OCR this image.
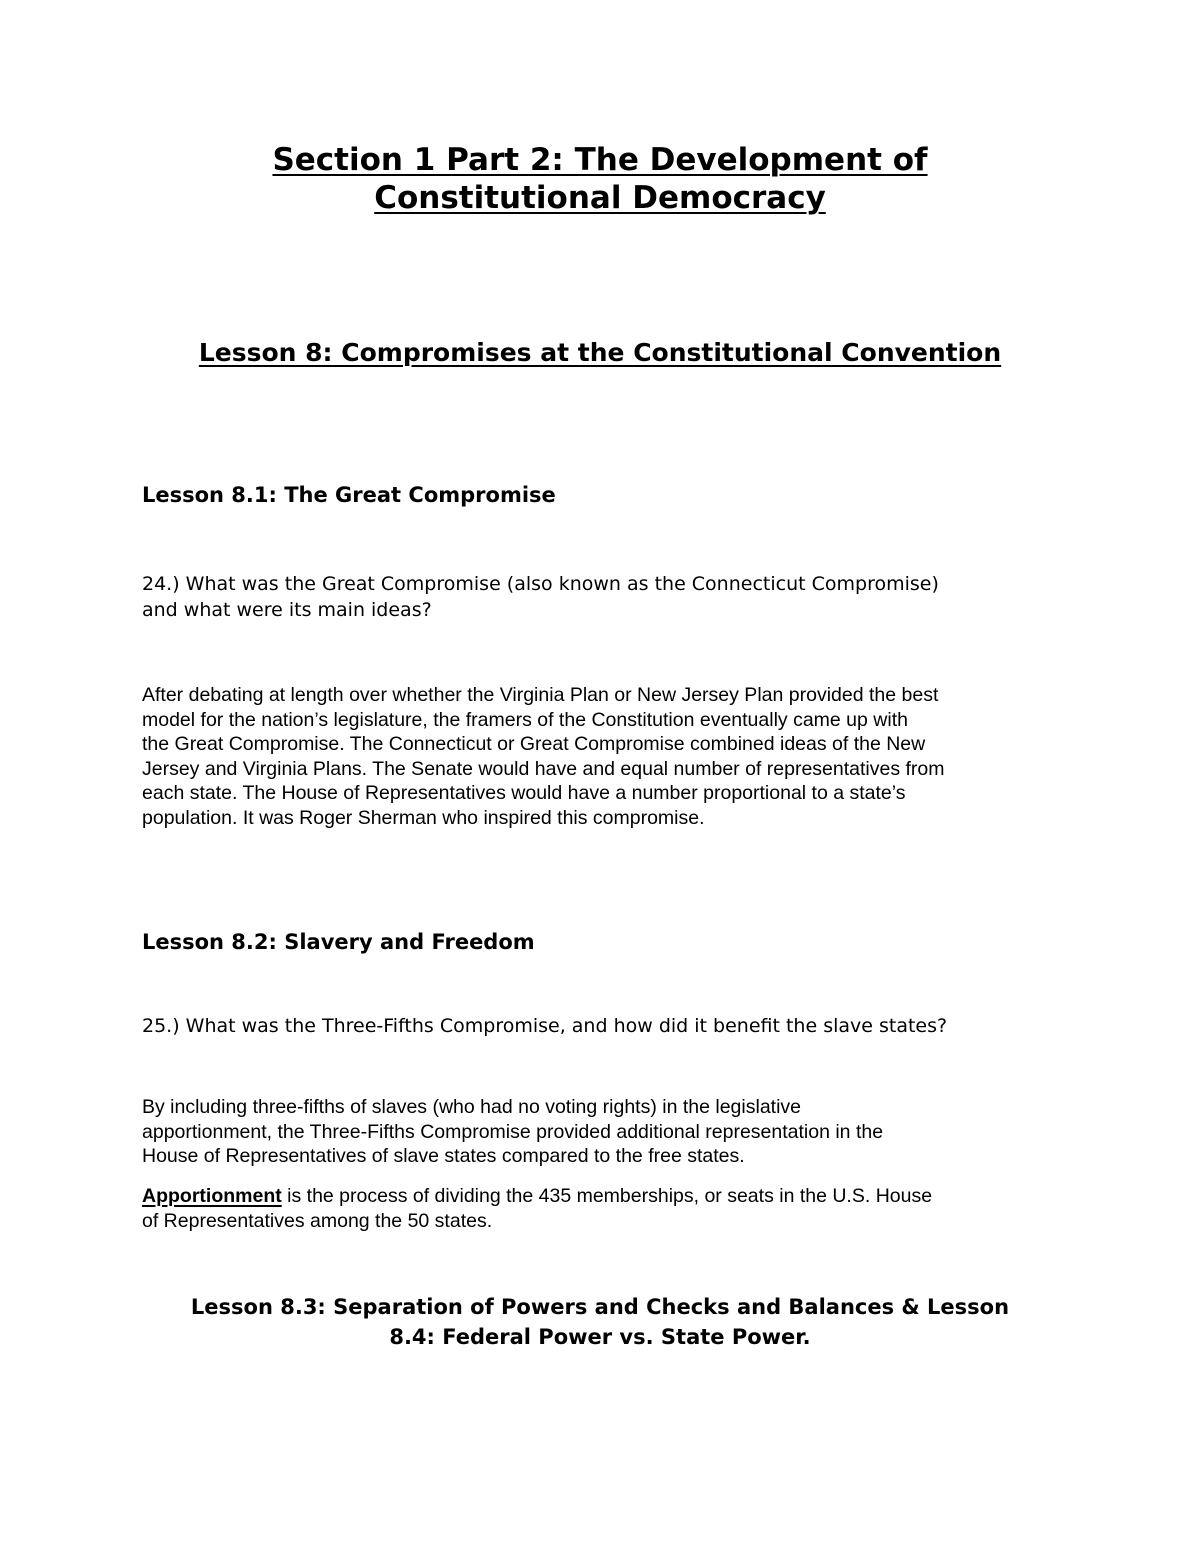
Section 1 Part 2: The Development of
Constitutional Democracy
Lesson 8: Compromises at the Constitutional Convention
Lesson 8.1: The Great Compromise

24.) What was the Great Compromise (also known as the Connecticut Compromise)
and what were its main ideas?

After debating at length over whether the Virginia Plan or New Jersey Plan provided the best
model for the nation’s legislature, the framers of the Constitution eventually came up with
the Great Compromise. The Connecticut or Great Compromise combined ideas of the New
Jersey and Virginia Plans. The Senate would have and equal number of representatives from
each state. The House of Representatives would have a number proportional to a state’s
population. It was Roger Sherman who inspired this compromise.

Lesson 8.2: Slavery and Freedom

25.) What was the Three-Fifths Compromise, and how did it benefit the slave states?

By including three-fifths of slaves (who had no voting rights) in the legislative
apportionment, the Three-Fifths Compromise provided additional representation in the
House of Representatives of slave states compared to the free states.

Apportionment is the process of dividing the 435 memberships, or seats in the U.S. House
of Representatives among the 50 states.

Lesson 8.3: Separation of Powers and Checks and Balances & Lesson
8.4: Federal Power vs. State Power.
